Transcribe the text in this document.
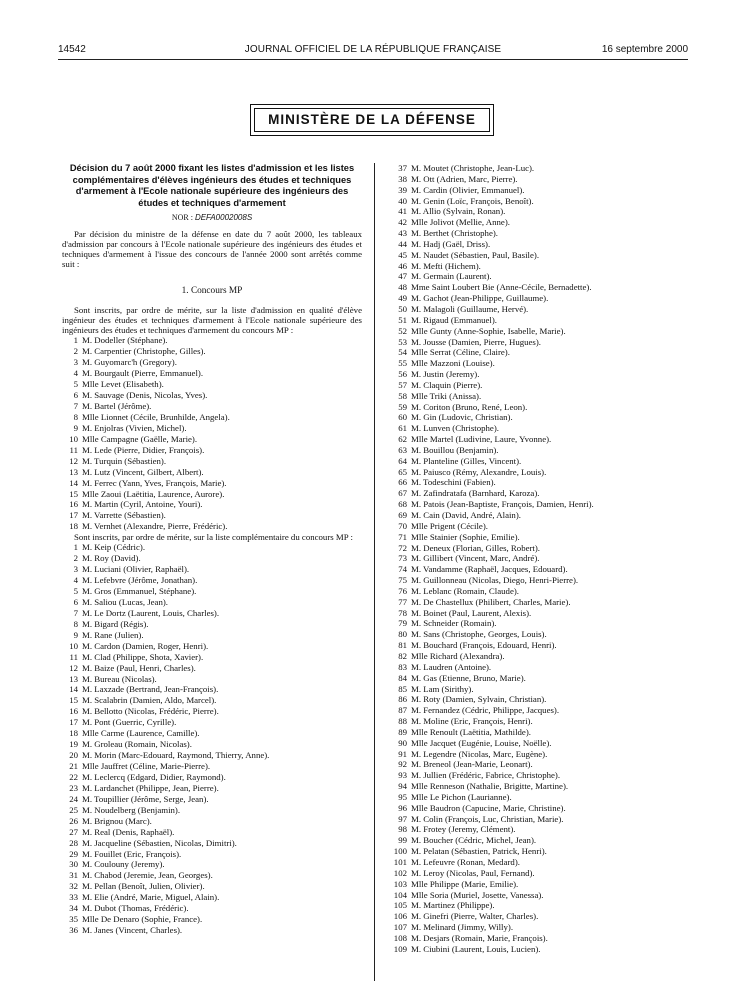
14542	JOURNAL OFFICIEL DE LA RÉPUBLIQUE FRANÇAISE	16 septembre 2000
MINISTÈRE DE LA DÉFENSE

Décision du 7 août 2000 fixant les listes d'admission et les listes complémentaires d'élèves ingénieurs des études et techniques d'armement à l'Ecole nationale supérieure des ingénieurs des études et techniques d'armement

NOR : DEFA0002008S

Par décision du ministre de la défense en date du 7 août 2000, les tableaux d'admission par concours à l'Ecole nationale supérieure des ingénieurs des études et techniques d'armement à l'issue des concours de l'année 2000 sont arrêtés comme suit :

1. Concours MP

Sont inscrits, par ordre de mérite, sur la liste d'admission en qualité d'élève ingénieur des études et techniques d'armement à l'Ecole nationale supérieure des ingénieurs des études et techniques d'armement du concours MP :

1 M. Dodeller (Stéphane).
2 M. Carpentier (Christophe, Gilles).
3 M. Guyomarc'h (Gregory).
4 M. Bourgault (Pierre, Emmanuel).
5 Mlle Levet (Elisabeth).
6 M. Sauvage (Denis, Nicolas, Yves).
7 M. Bartel (Jérôme).
8 Mlle Lionnet (Cécile, Brunhilde, Angela).
9 M. Enjolras (Vivien, Michel).
10 Mlle Campagne (Gaëlle, Marie).
11 M. Lede (Pierre, Didier, François).
12 M. Turquin (Sébastien).
13 M. Lutz (Vincent, Gilbert, Albert).
14 M. Ferrec (Yann, Yves, François, Marie).
15 Mlle Zaoui (Laëtitia, Laurence, Aurore).
16 M. Martin (Cyril, Antoine, Youri).
17 M. Varrette (Sébastien).
18 M. Vernhet (Alexandre, Pierre, Frédéric).

Sont inscrits, par ordre de mérite, sur la liste complémentaire du concours MP :

1 M. Keip (Cédric).
2 M. Roy (David).
3 M. Luciani (Olivier, Raphaël).
4 M. Lefebvre (Jérôme, Jonathan).
5 M. Gros (Emmanuel, Stéphane).
6 M. Saliou (Lucas, Jean).
7 M. Le Dortz (Laurent, Louis, Charles).
8 M. Bigard (Régis).
9 M. Rane (Julien).
10 M. Cardon (Damien, Roger, Henri).
11 M. Clad (Philippe, Shota, Xavier).
12 M. Baize (Paul, Henri, Charles).
13 M. Bureau (Nicolas).
14 M. Laxzade (Bertrand, Jean-François).
15 M. Scalabrin (Damien, Aldo, Marcel).
16 M. Bellotto (Nicolas, Frédéric, Pierre).
17 M. Pont (Guerric, Cyrille).
18 Mlle Carme (Laurence, Camille).
19 M. Groleau (Romain, Nicolas).
20 M. Morin (Marc-Edouard, Raymond, Thierry, Anne).
21 Mlle Jauffret (Céline, Marie-Pierre).
22 M. Leclercq (Edgard, Didier, Raymond).
23 M. Lardanchet (Philippe, Jean, Pierre).
24 M. Toupillier (Jérôme, Serge, Jean).
25 M. Noudelberg (Benjamin).
26 M. Brignou (Marc).
27 M. Real (Denis, Raphaël).
28 M. Jacqueline (Sébastien, Nicolas, Dimitri).
29 M. Fouillet (Eric, François).
30 M. Coulouny (Jeremy).
31 M. Chabod (Jeremie, Jean, Georges).
32 M. Pellan (Benoît, Julien, Olivier).
33 M. Elie (André, Marie, Miguel, Alain).
34 M. Dubot (Thomas, Frédéric).
35 Mlle De Denaro (Sophie, France).
36 M. Janes (Vincent, Charles).
37 M. Moutet (Christophe, Jean-Luc).
38 M. Ott (Adrien, Marc, Pierre).
39 M. Cardin (Olivier, Emmanuel).
40 M. Genin (Loïc, François, Benoît).
41 M. Allio (Sylvain, Ronan).
42 Mlle Jolivot (Mellie, Anne).
43 M. Berthet (Christophe).
44 M. Hadj (Gaël, Driss).
45 M. Naudet (Sébastien, Paul, Basile).
46 M. Mefti (Hichem).
47 M. Germain (Laurent).
48 Mme Saint Loubert Bie (Anne-Cécile, Bernadette).
49 M. Gachot (Jean-Philippe, Guillaume).
50 M. Malagoli (Guillaume, Hervé).
51 M. Rigaud (Emmanuel).
52 Mlle Gunty (Anne-Sophie, Isabelle, Marie).
53 M. Jousse (Damien, Pierre, Hugues).
54 Mlle Serrat (Céline, Claire).
55 Mlle Mazzoni (Louise).
56 M. Justin (Jeremy).
57 M. Claquin (Pierre).
58 Mlle Triki (Anissa).
59 M. Coriton (Bruno, René, Leon).
60 M. Gin (Ludovic, Christian).
61 M. Lunven (Christophe).
62 Mlle Martel (Ludivine, Laure, Yvonne).
63 M. Bouillou (Benjamin).
64 M. Planteline (Gilles, Vincent).
65 M. Paiusco (Rémy, Alexandre, Louis).
66 M. Todeschini (Fabien).
67 M. Zafindratafa (Barnhard, Karoza).
68 M. Patois (Jean-Baptiste, François, Damien, Henri).
69 M. Cain (David, André, Alain).
70 Mlle Prigent (Cécile).
71 Mlle Stainier (Sophie, Emilie).
72 M. Deneux (Florian, Gilles, Robert).
73 M. Gillibert (Vincent, Marc, André).
74 M. Vandamme (Raphaël, Jacques, Edouard).
75 M. Guillonneau (Nicolas, Diego, Henri-Pierre).
76 M. Leblanc (Romain, Claude).
77 M. De Chastellux (Philibert, Charles, Marie).
78 M. Boinet (Paul, Laurent, Alexis).
79 M. Schneider (Romain).
80 M. Sans (Christophe, Georges, Louis).
81 M. Bouchard (François, Edouard, Henri).
82 Mlle Richard (Alexandra).
83 M. Laudren (Antoine).
84 M. Gas (Etienne, Bruno, Marie).
85 M. Lam (Sirithy).
86 M. Roty (Damien, Sylvain, Christian).
87 M. Fernandez (Cédric, Philippe, Jacques).
88 M. Moline (Eric, François, Henri).
89 Mlle Renoult (Laëtitia, Mathilde).
90 Mlle Jacquet (Eugénie, Louise, Noëlle).
91 M. Legendre (Nicolas, Marc, Eugène).
92 M. Breneol (Jean-Marie, Leonart).
93 M. Jullien (Frédéric, Fabrice, Christophe).
94 Mlle Renneson (Nathalie, Brigitte, Martine).
95 Mlle Le Pichon (Laurianne).
96 Mlle Baudron (Capucine, Marie, Christine).
97 M. Colin (François, Luc, Christian, Marie).
98 M. Frotey (Jeremy, Clément).
99 M. Boucher (Cédric, Michel, Jean).
100 M. Pelatan (Sébastien, Patrick, Henri).
101 M. Lefeuvre (Ronan, Medard).
102 M. Leroy (Nicolas, Paul, Fernand).
103 Mlle Philippe (Marie, Emilie).
104 Mlle Soria (Muriel, Josette, Vanessa).
105 M. Martinez (Philippe).
106 M. Ginefri (Pierre, Walter, Charles).
107 M. Melinard (Jimmy, Willy).
108 M. Desjars (Romain, Marie, François).
109 M. Ciubini (Laurent, Louis, Lucien).
